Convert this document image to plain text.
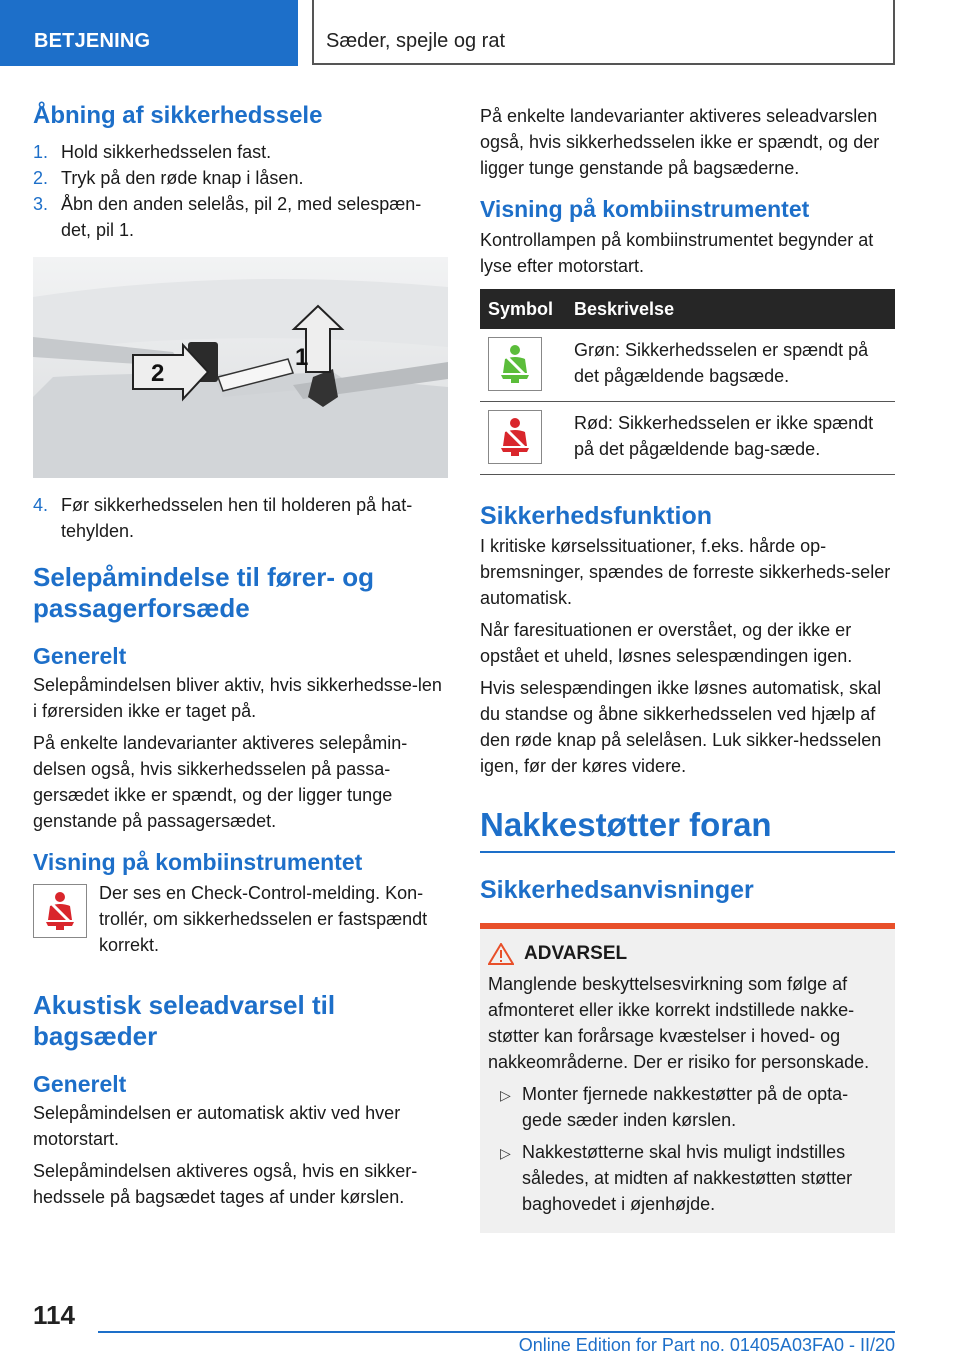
BETJENING	Sæder, spejle og rat
Åbning af sikkerhedssele
1. Hold sikkerhedsselen fast.
2. Tryk på den røde knap i låsen.
3. Åbn den anden selelås, pil 2, med selespæn-det, pil 1.
2
1
4. Før sikkerhedsselen hen til holderen på hat-tehylden.
Selepåmindelse til fører- og passagerforsæde
Generelt

Selepåmindelsen bliver aktiv, hvis sikkerhedsse-len i førersiden ikke er taget på.

På enkelte landevarianter aktiveres selepåmin-delsen også, hvis sikkerhedsselen på passa-gersædet ikke er spændt, og der ligger tunge genstande på passagersædet.

Visning på kombiinstrumentet

Der ses en Check-Control-melding. Kon-trollér, om sikkerhedsselen er fastspændt korrekt.

Akustisk seleadvarsel til bagsæder
Generelt

Selepåmindelsen er automatisk aktiv ved hver motorstart.

Selepåmindelsen aktiveres også, hvis en sikker-hedssele på bagsædet tages af under kørslen.

På enkelte landevarianter aktiveres seleadvarslen også, hvis sikkerhedsselen ikke er spændt, og der ligger tunge genstande på bagsæderne.

Visning på kombiinstrumentet

Kontrollampen på kombiinstrumentet begynder at lyse efter motorstart.

Symbol	Beskrivelse

	Grøn: Sikkerhedsselen er spændt på det pågældende bagsæde.

	Rød: Sikkerhedsselen er ikke spændt på det pågældende bag-sæde.
Sikkerhedsfunktion

I kritiske kørselssituationer, f.eks. hårde op-bremsninger, spændes de forreste sikkerheds-seler automatisk.

Når faresituationen er overstået, og der ikke er opstået et uheld, løsnes selespændingen igen.

Hvis selespændingen ikke løsnes automatisk, skal du standse og åbne sikkerhedsselen ved hjælp af den røde knap på selelåsen. Luk sikker-hedsselen igen, før der køres videre.

Nakkestøtter foran
Sikkerhedsanvisninger
ADVARSEL

Manglende beskyttelsesvirkning som følge af afmonteret eller ikke korrekt indstillede nakke-støtter kan forårsage kvæstelser i hoved- og nakkeområderne. Der er risiko for personskade.

▷ Monter fjernede nakkestøtter på de opta-gede sæder inden kørslen.
▷ Nakkestøtterne skal hvis muligt indstilles således, at midten af nakkestøtten støtter baghovedet i øjenhøjde.
114
Online Edition for Part no. 01405A03FA0 - II/20
